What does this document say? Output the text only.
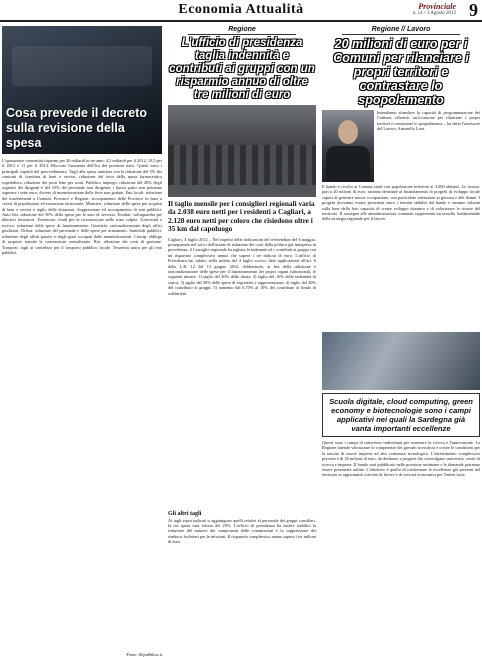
Economia Attualità	Provinciale
n. 14 - 1 Agosto 2012 9
Cosa prevede il decreto sulla revisione della spesa
L'operazione consentirà risparmi per 26 miliardi in tre anni: 4,5 miliardi per il 2012, 10,5 per il 2013 e 11 per il 2014. Bloccato l'aumento dell'Iva dei prossimi mesi. Questi sono i principali capitoli del provvedimento. Tagli alla spesa sanitaria con la riduzione del 5% dei contratti di fornitura di beni e servizi, riduzione del tetto della spesa farmaceutica ospedaliera, riduzione dei posti letto per acuti. Pubblico impiego: riduzione del 20% degli organici dei dirigenti e del 10% del personale non dirigente; i buoni pasto non potranno superare i sette euro; divieto di monetizzazione delle ferie non godute. Enti locali: riduzione dei trasferimenti a Comuni, Province e Regioni; accorpamento delle Province in base a criteri di popolazione ed estensione territoriale. Ministeri: riduzione delle spese per acquisti di beni e servizi e taglio delle dotazioni. Soppressione ed accorpamento di enti pubblici. Auto blu: riduzione del 50% della spesa per le auto di servizio. Esodati: salvaguardia per ulteriori lavoratori. Terremoto: fondi per la ricostruzione nelle zone colpite. Università e ricerca: riduzione delle spese di funzionamento. Giustizia: razionalizzazione degli uffici giudiziari. Difesa: riduzione del personale e delle spese per armamenti. Immobili pubblici: riduzione degli affitti passivi e degli spazi occupati dalle amministrazioni. Consip: obbligo di acquisto tramite le convenzioni centralizzate. Rai: riduzione dei costi di gestione. Trasporti: tagli ai contributi per il trasporto pubblico locale. Tesoreria unica per gli enti pubblici.
Fonte: Repubblica.it
Regione
L'ufficio di presidenza taglia indennità e contributi ai gruppi con un risparmio annuo di oltre tre milioni di euro
Il taglio mensile per i consiglieri regionali varia da 2.038 euro netti per i residenti a Cagliari, a 2.128 euro netti per coloro che risiedono oltre i 35 km dal capoluogo
Cagliari, 4 luglio 2012 – Nel rispetto delle indicazioni del referendum del 6 maggio, proseguendo nel solco dell'azione di riduzione dei costi della politica già intrapresa in precedenza, il Consiglio regionale ha tagliato le indennità ed i contributi ai gruppi con un risparmio complessivo annuo che supera i tre milioni di euro. L'ufficio di Presidenza ha, infatti, nella seduta del 4 luglio scorso, dato applicazione all'art. 6 della L.R. 12 del 13 giugno 2012, deliberando, ai fini della riduzione e razionalizzazione delle spese per il funzionamento dei propri organi istituzionali, le seguenti misure: 1) taglio del 20% della diaria; 2) taglio del 10% delle indennità di carica; 3) taglio del 30% delle spese di segreteria e rappresentanza; 4) taglio del 20% del contributo ai gruppi; 5) aumento dal 6,70% al 10% del contributo al fondo di solidarietà.
Gli altri tagli
Ai tagli sopra indicati si aggiungono quelli relativi al personale dei gruppi consiliari, la cui spesa sarà ridotta del 20%. L'ufficio di presidenza ha inoltre stabilito la riduzione del numero dei componenti delle commissioni e la soppressione dei rimborsi forfettari per le missioni. Il risparmio complessivo annuo supera i tre milioni di euro.
Regione // Lavoro
20 milioni di euro per i Comuni per rilanciare i propri territori e contrastare lo spopolamento
Intendiamo stimolare la capacità di programmazione dei Comuni, offrendo un'occasione per rilanciare i propri territori e contrastare lo spopolamento – ha detto l'assessore del Lavoro, Antonello Liori.
Il bando è rivolto ai Comuni sardi con popolazione inferiore ai 3.000 abitanti. Le risorse, pari a 20 milioni di euro, saranno destinate al finanziamento di progetti di sviluppo locale capaci di generare nuova occupazione, con particolare attenzione ai giovani e alle donne. I progetti dovranno essere presentati entro i termini stabiliti dal bando e saranno valutati sulla base della loro capacità di creare sviluppo duraturo e di valorizzare le risorse del territorio. Il sostegno alle amministrazioni comunali rappresenta un tassello fondamentale della strategia regionale per il lavoro.
Scuola digitale, cloud computing, green economy e biotecnologie sono i campi applicativi nei quali la Sardegna già vanta importanti eccellenze
Questi sono i campi di intervento individuati per sostenere la ricerca e l'innovazione. La Regione intende valorizzare le competenze dei giovani ricercatori e creare le condizioni per la nascita di nuove imprese ad alto contenuto tecnologico. L'investimento complessivo previsto è di 20 milioni di euro, da destinare a progetti che coinvolgano università, centri di ricerca e imprese. Il bando sarà pubblicato nelle prossime settimane e le domande potranno essere presentate online. L'obiettivo è quello di trasformare le eccellenze già presenti nel territorio in opportunità concrete di lavoro e di crescita economica per l'intera isola.
